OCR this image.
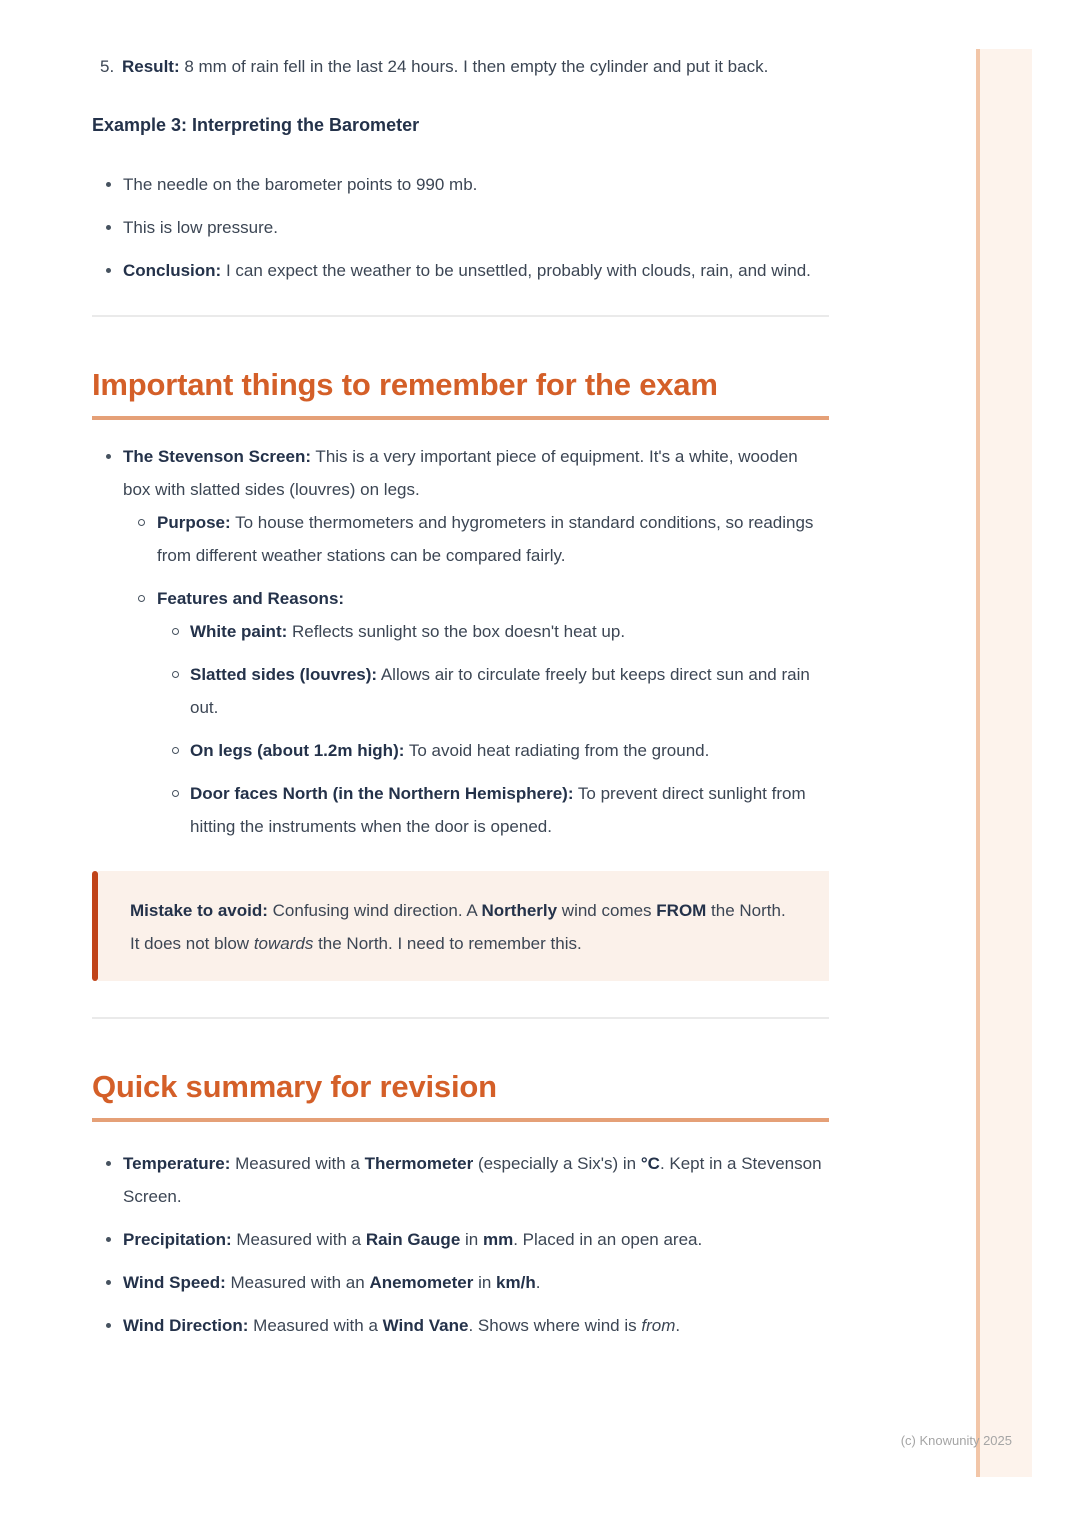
5. Result: 8 mm of rain fell in the last 24 hours. I then empty the cylinder and put it back.

Example 3: Interpreting the Barometer

The needle on the barometer points to 990 mb.

This is low pressure.

Conclusion: I can expect the weather to be unsettled, probably with clouds, rain, and wind.

Important things to remember for the exam

The Stevenson Screen: This is a very important piece of equipment. It's a white, wooden box with slatted sides (louvres) on legs.

Purpose: To house thermometers and hygrometers in standard conditions, so readings from different weather stations can be compared fairly.

Features and Reasons:

White paint: Reflects sunlight so the box doesn't heat up.

Slatted sides (louvres): Allows air to circulate freely but keeps direct sun and rain out.

On legs (about 1.2m high): To avoid heat radiating from the ground.

Door faces North (in the Northern Hemisphere): To prevent direct sunlight from hitting the instruments when the door is opened.

Mistake to avoid: Confusing wind direction. A Northerly wind comes FROM the North. It does not blow towards the North. I need to remember this.

Quick summary for revision

Temperature: Measured with a Thermometer (especially a Six's) in °C. Kept in a Stevenson Screen.

Precipitation: Measured with a Rain Gauge in mm. Placed in an open area.

Wind Speed: Measured with an Anemometer in km/h.

Wind Direction: Measured with a Wind Vane. Shows where wind is from.

(c) Knowunity 2025
